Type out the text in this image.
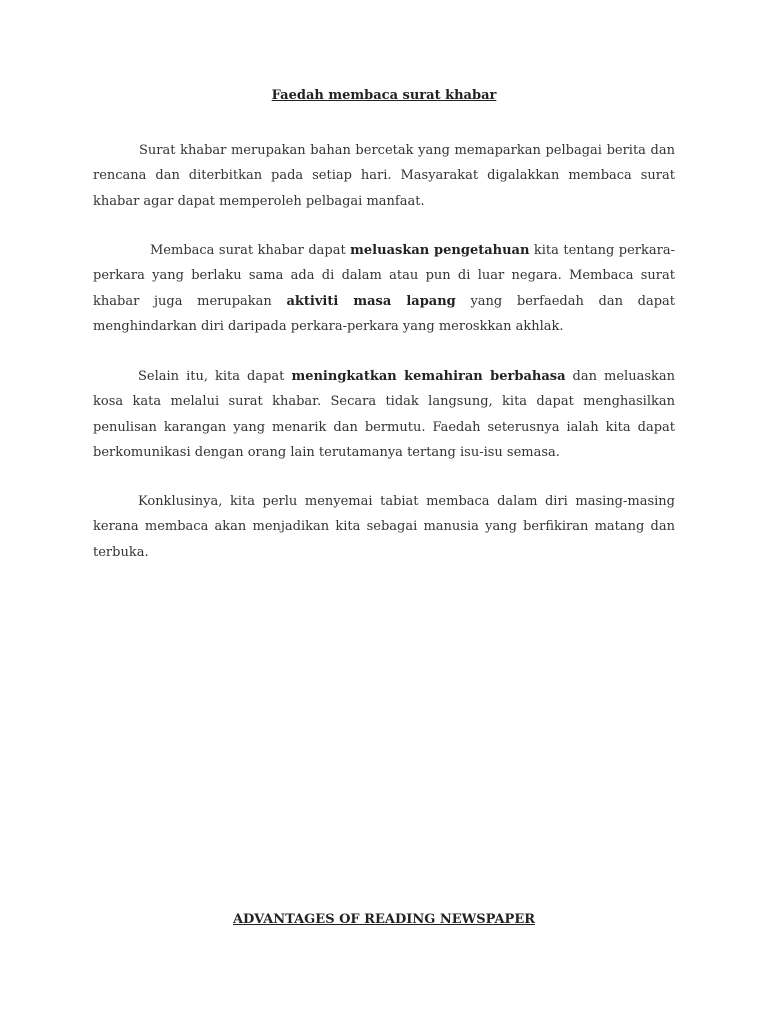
Faedah membaca surat khabar

Surat khabar merupakan bahan bercetak yang memaparkan pelbagai berita dan rencana dan diterbitkan pada setiap hari. Masyarakat digalakkan membaca surat khabar agar dapat memperoleh pelbagai manfaat.

Membaca surat khabar dapat meluaskan pengetahuan kita tentang perkara-perkara yang berlaku sama ada di dalam atau pun di luar negara. Membaca surat khabar juga merupakan aktiviti masa lapang yang berfaedah dan dapat menghindarkan diri daripada perkara-perkara yang meroskkan akhlak.

Selain itu, kita dapat meningkatkan kemahiran berbahasa dan meluaskan kosa kata melalui surat khabar. Secara tidak langsung, kita dapat menghasilkan penulisan karangan yang menarik dan bermutu. Faedah seterusnya ialah kita dapat berkomunikasi dengan orang lain terutamanya tertang isu-isu semasa.

Konklusinya, kita perlu menyemai tabiat membaca dalam diri masing-masing kerana membaca akan menjadikan kita sebagai manusia yang berfikiran matang dan terbuka.

ADVANTAGES OF READING NEWSPAPER
